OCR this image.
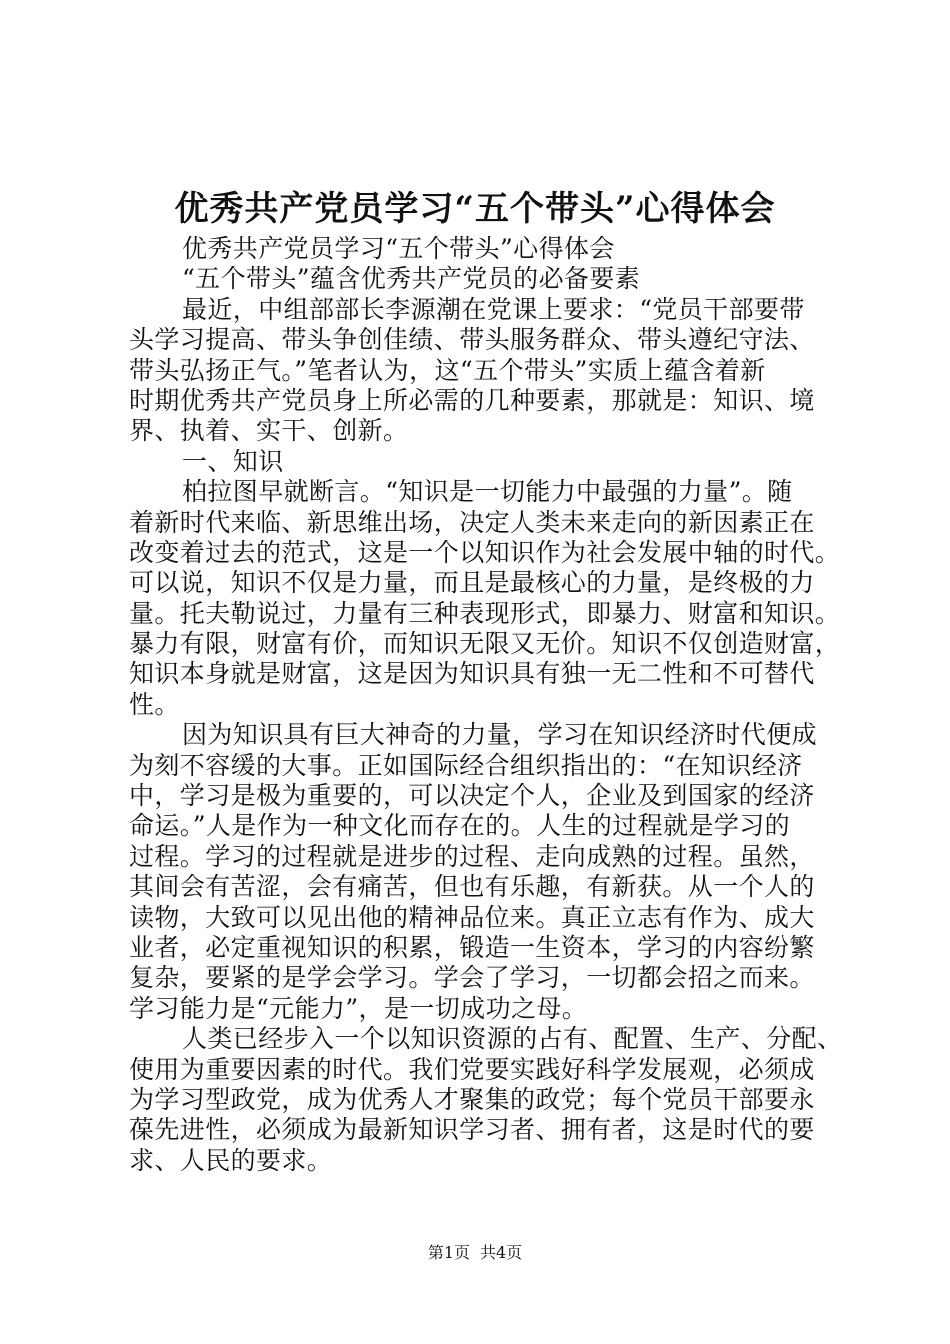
优秀共产党员学习“五个带头”心得体会
优秀共产党员学习“五个带头”心得体会
“五个带头”蕴含优秀共产党员的必备要素
最近，中组部部长李源潮在党课上要求：“党员干部要带
头学习提高、带头争创佳绩、带头服务群众、带头遵纪守法、
带头弘扬正气。”笔者认为，这“五个带头”实质上蕴含着新
时期优秀共产党员身上所必需的几种要素，那就是：知识、境
界、执着、实干、创新。
一、知识
柏拉图早就断言。“知识是一切能力中最强的力量”。随
着新时代来临、新思维出场，决定人类未来走向的新因素正在
改变着过去的范式，这是一个以知识作为社会发展中轴的时代。
可以说，知识不仅是力量，而且是最核心的力量，是终极的力
量。托夫勒说过，力量有三种表现形式，即暴力、财富和知识。
暴力有限，财富有价，而知识无限又无价。知识不仅创造财富，
知识本身就是财富，这是因为知识具有独一无二性和不可替代
性。
因为知识具有巨大神奇的力量，学习在知识经济时代便成
为刻不容缓的大事。正如国际经合组织指出的：“在知识经济
中，学习是极为重要的，可以决定个人，企业及到国家的经济
命运。”人是作为一种文化而存在的。人生的过程就是学习的
过程。学习的过程就是进步的过程、走向成熟的过程。虽然，
其间会有苦涩，会有痛苦，但也有乐趣，有新获。从一个人的
读物，大致可以见出他的精神品位来。真正立志有作为、成大
业者，必定重视知识的积累，锻造一生资本，学习的内容纷繁
复杂，要紧的是学会学习。学会了学习，一切都会招之而来。
学习能力是“元能力”，是一切成功之母。
人类已经步入一个以知识资源的占有、配置、生产、分配、
使用为重要因素的时代。我们党要实践好科学发展观，必须成
为学习型政党，成为优秀人才聚集的政党；每个党员干部要永
葆先进性，必须成为最新知识学习者、拥有者，这是时代的要
求、人民的要求。
第1页 共4页
